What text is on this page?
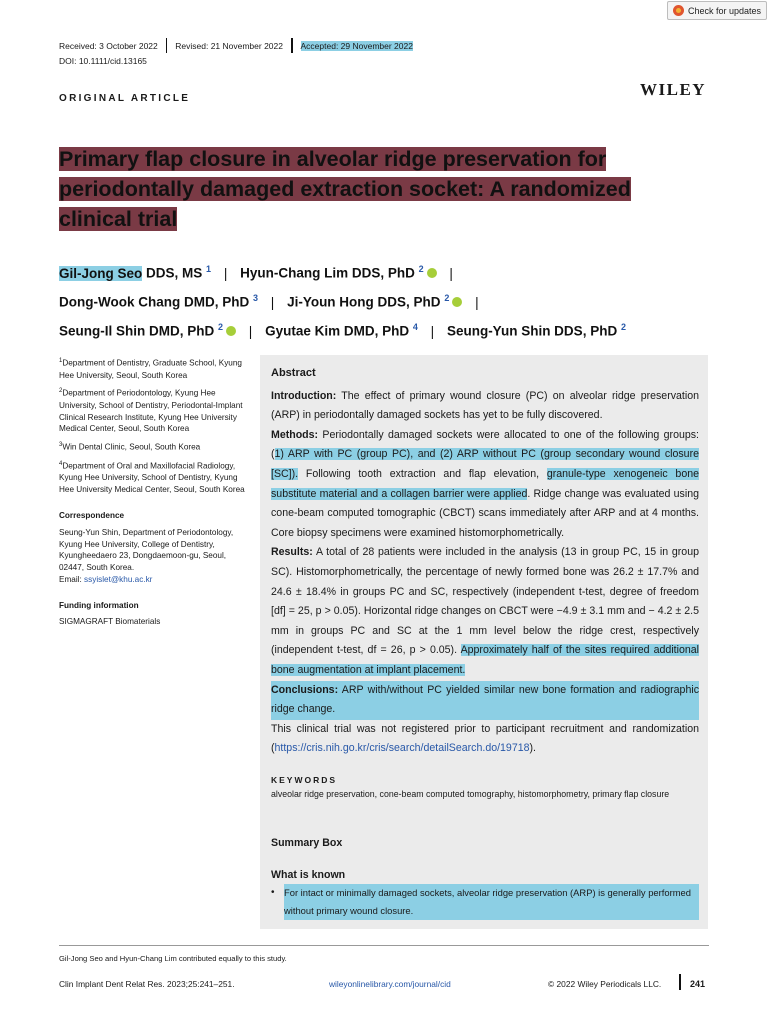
Check for updates
Received: 3 October 2022 Revised: 21 November 2022 Accepted: 29 November 2022
DOI: 10.1111/cid.13165
ORIGINAL ARTICLE	WILEY
Primary flap closure in alveolar ridge preservation for
periodontally damaged extraction socket: A randomized
clinical trial
Gil-Jong Seo DDS, MS $^1$ | Hyun-Chang Lim DDS, PhD $^2$ |
Dong-Wook Chang DMD, PhD $^3$ | Ji-Youn Hong DDS, PhD $^2$ |
Seung-Il Shin DMD, PhD $^2$ | Gyutae Kim DMD, PhD $^4$ | Seung-Yun Shin DDS, PhD $^2$

$^1$Department of Dentistry, Graduate School, Kyung Hee University, Seoul, South Korea

$^2$Department of Periodontology, Kyung Hee University, School of Dentistry, Periodontal-Implant Clinical Research Institute, Kyung Hee University Medical Center, Seoul, South Korea

$^3$Win Dental Clinic, Seoul, South Korea

$^4$Department of Oral and Maxillofacial Radiology, Kyung Hee University, School of Dentistry, Kyung Hee University Medical Center, Seoul, South Korea

Correspondence

Seung-Yun Shin, Department of Periodontology, Kyung Hee University, College of Dentistry, Kyungheedaero 23, Dongdaemoon-gu, Seoul, 02447, South Korea.
Email: ssyislet@khu.ac.kr

Funding information

SIGMAGRAFT Biomaterials

Abstract

Introduction: The effect of primary wound closure (PC) on alveolar ridge preservation (ARP) in periodontally damaged sockets has yet to be fully discovered.

Methods: Periodontally damaged sockets were allocated to one of the following groups: (1) ARP with PC (group PC), and (2) ARP without PC (group secondary wound closure [SC]). Following tooth extraction and flap elevation, granule-type xenogeneic bone substitute material and a collagen barrier were applied. Ridge change was evaluated using cone-beam computed tomographic (CBCT) scans immediately after ARP and at 4 months. Core biopsy specimens were examined histomorphometrically.

Results: A total of 28 patients were included in the analysis (13 in group PC, 15 in group SC). Histomorphometrically, the percentage of newly formed bone was 26.2 ± 17.7% and 24.6 ± 18.4% in groups PC and SC, respectively (independent t-test, degree of freedom [df] = 25, p > 0.05). Horizontal ridge changes on CBCT were −4.9 ± 3.1 mm and − 4.2 ± 2.5 mm in groups PC and SC at the 1 mm level below the ridge crest, respectively (independent t-test, df = 26, p > 0.05). Approximately half of the sites required additional bone augmentation at implant placement.

Conclusions: ARP with/without PC yielded similar new bone formation and radiographic ridge change.

This clinical trial was not registered prior to participant recruitment and randomization (https://cris.nih.go.kr/cris/search/detailSearch.do/19718).

KEYWORDS
alveolar ridge preservation, cone-beam computed tomography, histomorphometry, primary flap closure
Summary Box
What is known
•	For intact or minimally damaged sockets, alveolar ridge preservation (ARP) is generally performed without primary wound closure.
Gil-Jong Seo and Hyun-Chang Lim contributed equally to this study.
Clin Implant Dent Relat Res. 2023;25:241–251.	wileyonlinelibrary.com/journal/cid	© 2022 Wiley Periodicals LLC.	241
